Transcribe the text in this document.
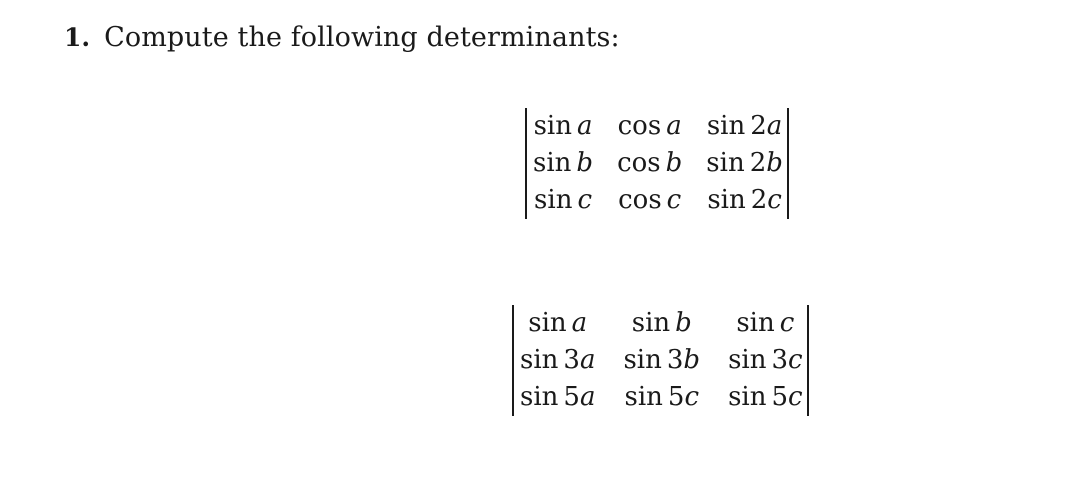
1. Compute the following determinants:
sin a	cos a	sin 2a
sin b	cos b	sin 2b
sin c	cos c	sin 2c
sin a	sin b	sin c
sin 3a	sin 3b	sin 3c
sin 5a	sin 5c	sin 5c
